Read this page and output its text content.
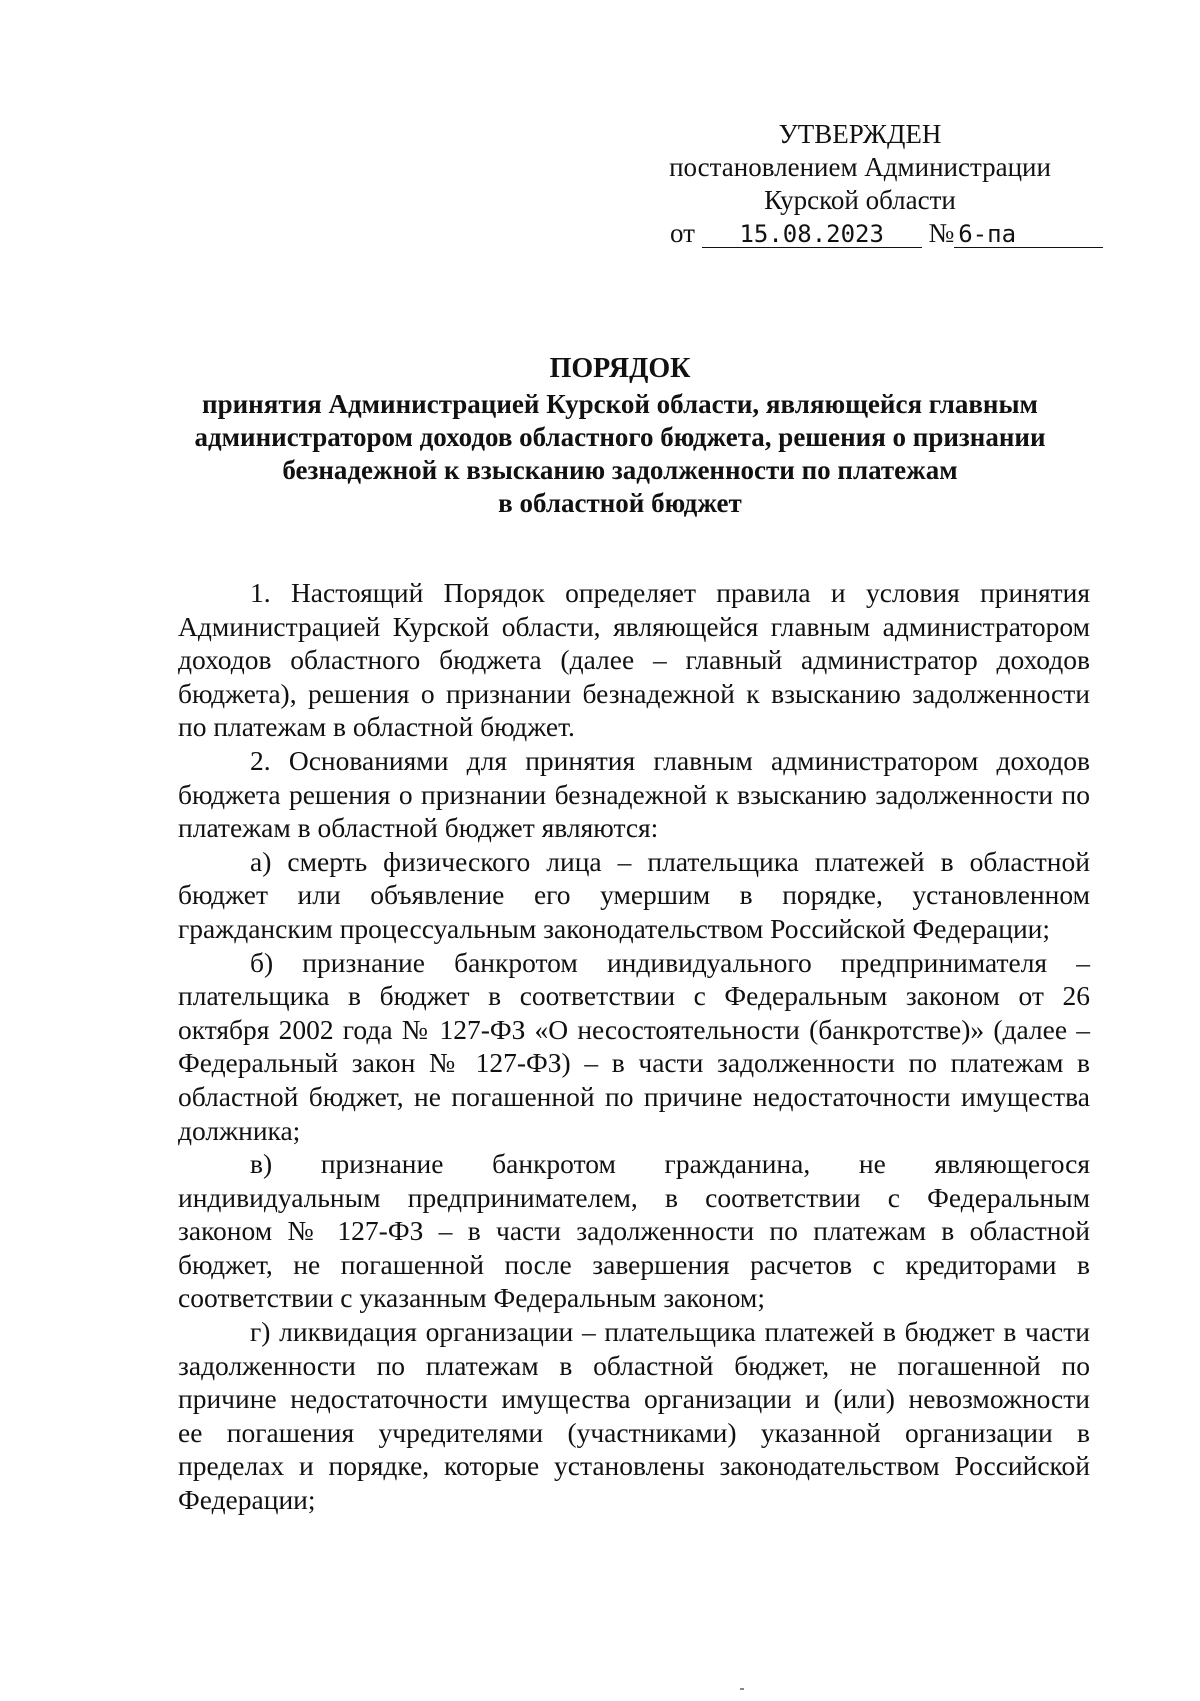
УТВЕРЖДЕН
постановлением Администрации
Курской области
от 15.08.2023 № 6-па
ПОРЯДОК
принятия Администрацией Курской области, являющейся главным
администратором доходов областного бюджета, решения о признании
безнадежной к взысканию задолженности по платежам
в областной бюджет
1. Настоящий Порядок определяет правила и условия принятия
Администрацией Курской области, являющейся главным администратором
доходов областного бюджета (далее – главный администратор доходов
бюджета), решения о признании безнадежной к взысканию задолженности
по платежам в областной бюджет.
2. Основаниями для принятия главным администратором доходов
бюджета решения о признании безнадежной к взысканию задолженности по
платежам в областной бюджет являются:
а) смерть физического лица – плательщика платежей в областной
бюджет или объявление его умершим в порядке, установленном
гражданским процессуальным законодательством Российской Федерации;
б) признание банкротом индивидуального предпринимателя –
плательщика в бюджет в соответствии с Федеральным законом от 26
октября 2002 года № 127-ФЗ «О несостоятельности (банкротстве)» (далее –
Федеральный закон № 127-ФЗ) – в части задолженности по платежам в
областной бюджет, не погашенной по причине недостаточности имущества
должника;
в) признание банкротом гражданина, не являющегося
индивидуальным предпринимателем, в соответствии с Федеральным
законом № 127-ФЗ – в части задолженности по платежам в областной
бюджет, не погашенной после завершения расчетов с кредиторами в
соответствии с указанным Федеральным законом;
г) ликвидация организации – плательщика платежей в бюджет в части
задолженности по платежам в областной бюджет, не погашенной по
причине недостаточности имущества организации и (или) невозможности
ее погашения учредителями (участниками) указанной организации в
пределах и порядке, которые установлены законодательством Российской
Федерации;
